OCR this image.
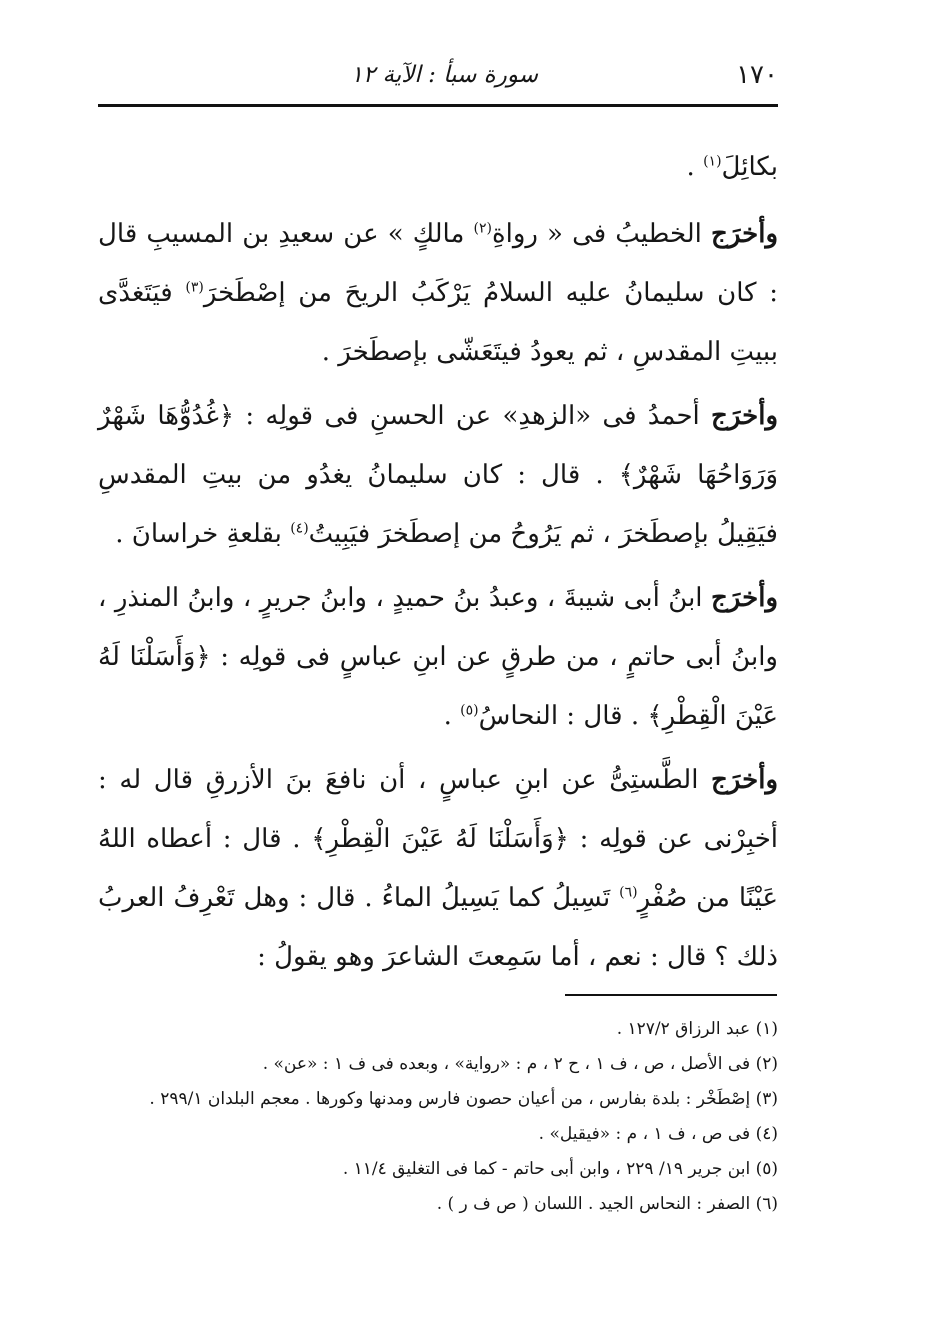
١٧٠
سورة سبأ : الآية ١٢

بكائِلَ$^{(١)}$ .

وأخرَج الخطيبُ فى « رواةِ$^{(٢)}$ مالكٍ » عن سعيدِ بن المسيبِ قال : كان سليمانُ عليه السلامُ يَرْكَبُ الريحَ من إصْطَخرَ$^{(٣)}$ فيَتَغدَّى ببيتِ المقدسِ ، ثم يعودُ فيتَعَشّى بإصطَخرَ .

وأخرَج أحمدُ فى «الزهدِ» عن الحسنِ فى قولِه : ﴿غُدُوُّهَا شَهْرٌ وَرَوَاحُهَا شَهْرٌ﴾ . قال : كان سليمانُ يغدُو من بيتِ المقدسِ فيَقِيلُ بإصطَخرَ ، ثم يَرُوحُ من إصطَخرَ فيَبِيتُ$^{(٤)}$ بقلعةِ خراسانَ .

وأخرَج ابنُ أبى شيبةَ ، وعبدُ بنُ حميدٍ ، وابنُ جريرٍ ، وابنُ المنذرِ ، وابنُ أبى حاتمٍ ، من طرقٍ عن ابنِ عباسٍ فى قولِه : ﴿وَأَسَلْنَا لَهُ عَيْنَ الْقِطْرِ﴾ . قال : النحاسُ$^{(٥)}$ .

وأخرَج الطَّستِىُّ عن ابنِ عباسٍ ، أن نافعَ بنَ الأزرقِ قال له : أخبِرْنى عن قولِه : ﴿وَأَسَلْنَا لَهُ عَيْنَ الْقِطْرِ﴾ . قال : أعطاه اللهُ عَيْنًا من صُفْرٍ$^{(٦)}$ تَسِيلُ كما يَسِيلُ الماءُ . قال : وهل تَعْرِفُ العربُ ذلك ؟ قال : نعم ، أما سَمِعتَ الشاعرَ وهو يقولُ :

(١) عبد الرزاق ١٢٧/٢ .

(٢) فى الأصل ، ص ، ف ١ ، ح ٢ ، م : «رواية» ، وبعده فى ف ١ : «عن» .

(٣) إصْطَخْر : بلدة بفارس ، من أعيان حصون فارس ومدنها وكورها . معجم البلدان ٢٩٩/١ .

(٤) فى ص ، ف ١ ، م : «فيقيل» .

(٥) ابن جرير ١٩/ ٢٢٩ ، وابن أبى حاتم - كما فى التغليق ١١/٤ .

(٦) الصفر : النحاس الجيد . اللسان ( ص ف ر ) .
